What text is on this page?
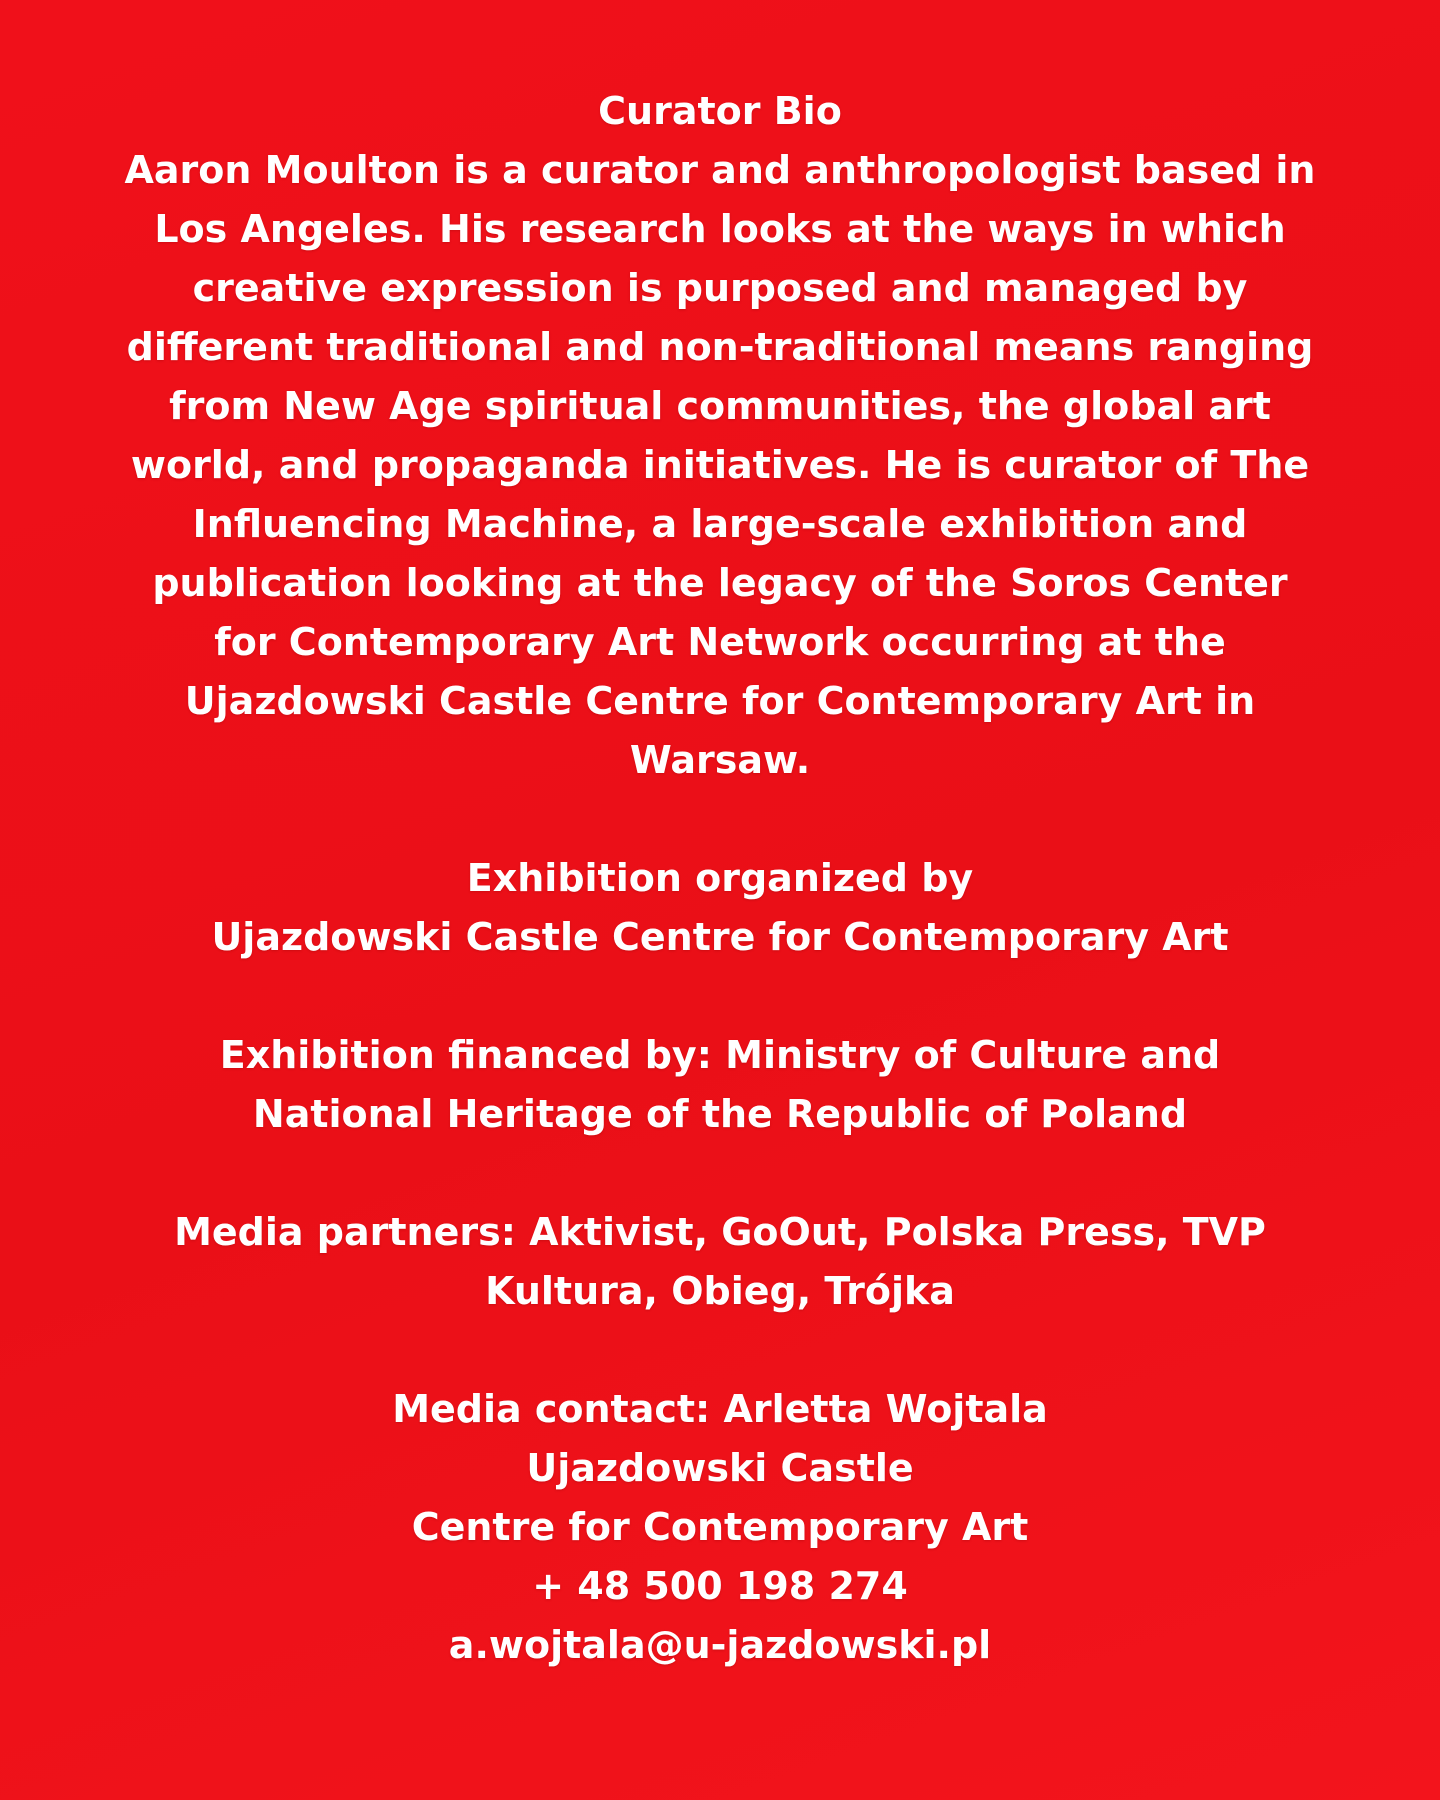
Curator Bio
Aaron Moulton is a curator and anthropologist based in
Los Angeles. His research looks at the ways in which
creative expression is purposed and managed by
different traditional and non-traditional means ranging
from New Age spiritual communities, the global art
world, and propaganda initiatives. He is curator of The
Influencing Machine, a large-scale exhibition and
publication looking at the legacy of the Soros Center
for Contemporary Art Network occurring at the
Ujazdowski Castle Centre for Contemporary Art in
Warsaw.
Exhibition organized by
Ujazdowski Castle Centre for Contemporary Art
Exhibition financed by: Ministry of Culture and
National Heritage of the Republic of Poland
Media partners: Aktivist, GoOut, Polska Press, TVP
Kultura, Obieg, Trójka
Media contact: Arletta Wojtala
Ujazdowski Castle
Centre for Contemporary Art
+ 48 500 198 274
a.wojtala@u-jazdowski.pl
